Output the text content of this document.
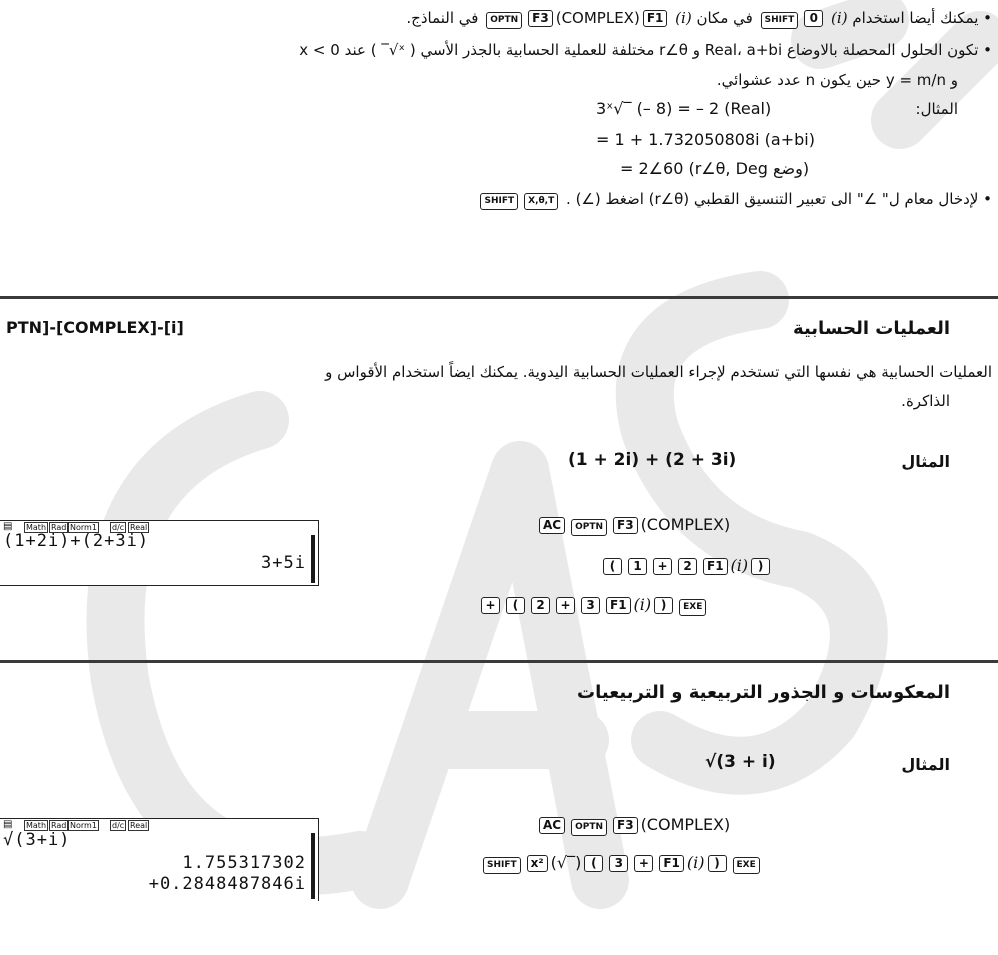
• يمكنك أيضا استخدام (i) SHIFT 0 في مكان (i) OPTN F3 (COMPLEX) F1 في النماذج.
• تكون الحلول المحصلة بالاوضاع Real، a+bi و r∠θ مختلفة للعملية الحسابية بالجذر الأسي ( ˣ√‾ ) عند x < 0
و y = m/n حين يكون n عدد عشوائي.
المثال:
3ˣ√‾ (– 8) = – 2 (Real)
= 1 + 1.732050808i (a+bi)
= 2∠60 (r∠θ, Deg وضع)
• لإدخال معام ل" ∠" الى تعبير التنسيق القطبي (r∠θ) اضغط (∠) SHIFT X,θ,T .
العمليات الحسابية
PTN]-[COMPLEX]-[i]
العمليات الحسابية هي نفسها التي تستخدم لإجراء العمليات الحسابية اليدوية. يمكنك ايضاً استخدام الأقواس و
الذاكرة.
المثال
(1 + 2i) + (2 + 3i)
AC OPTN F3 (COMPLEX)
( 1 + 2 F1 (i) )
+ ( 2 + 3 F1 (i) ) EXE
▤ Math Rad Norm1 d/c Real
(1+2i)+(2+3i)
3+5i
المعكوسات و الجذور التربيعية و التربيعيات
المثال
√(3 + i)
AC OPTN F3 (COMPLEX)
SHIFT x² (√‾) ( 3 + F1 (i) ) EXE
▤ Math Rad Norm1 d/c Real
√(3+i)
1.755317302
+0.2848487846i
